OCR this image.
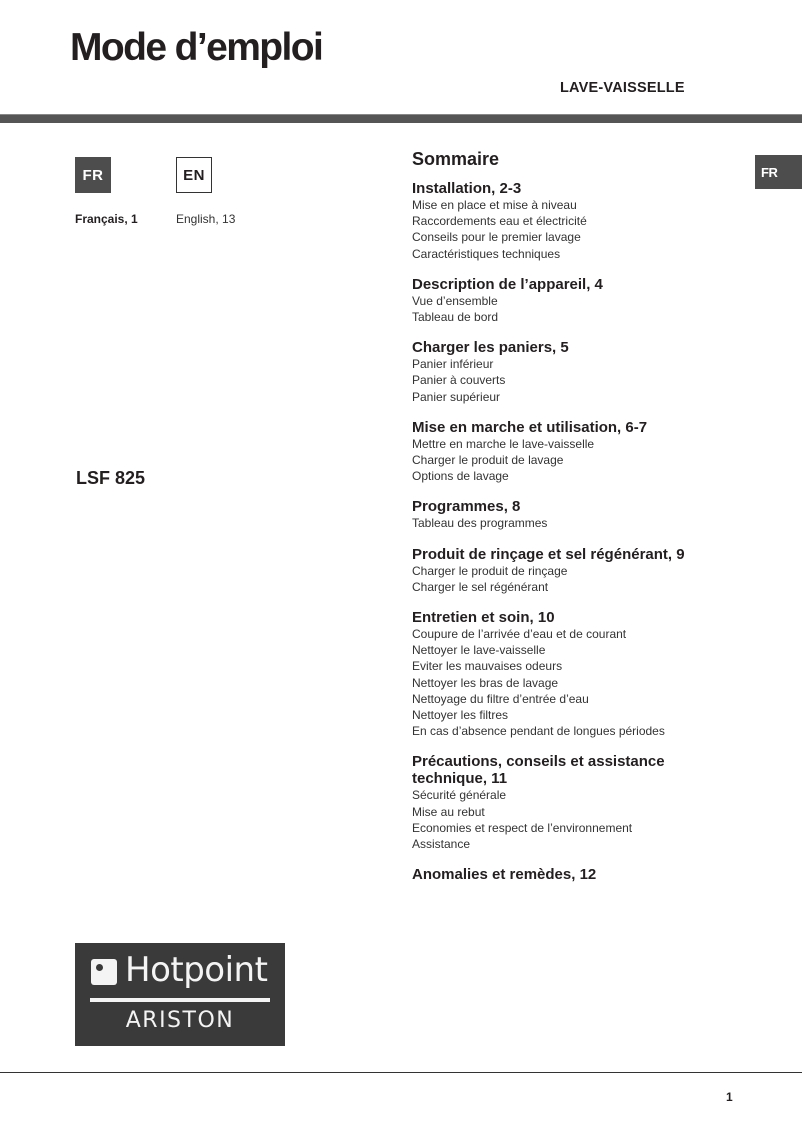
Mode d’emploi
LAVE-VAISSELLE
FR	EN
Français, 1	English, 13
LSF 825
FR
Sommaire
Installation, 2-3
Mise en place et mise à niveau
Raccordements eau et électricité
Conseils pour le premier lavage
Caractéristiques techniques
Description de l’appareil, 4
Vue d’ensemble
Tableau de bord
Charger les paniers, 5
Panier inférieur
Panier à couverts
Panier supérieur
Mise en marche et utilisation, 6-7
Mettre en marche le lave-vaisselle
Charger le produit de lavage
Options de lavage
Programmes, 8
Tableau des programmes
Produit de rinçage et sel régénérant, 9
Charger le produit de rinçage
Charger le sel régénérant
Entretien et soin, 10
Coupure de l’arrivée d’eau et de courant
Nettoyer le lave-vaisselle
Eviter les mauvaises odeurs
Nettoyer les bras de lavage
Nettoyage du filtre d’entrée d’eau
Nettoyer les filtres
En cas d’absence pendant de longues périodes
Précautions, conseils et assistance technique, 11
Sécurité générale
Mise au rebut
Economies et respect de l’environnement
Assistance
Anomalies et remèdes, 12
Hotpoint
ARISTON
1
